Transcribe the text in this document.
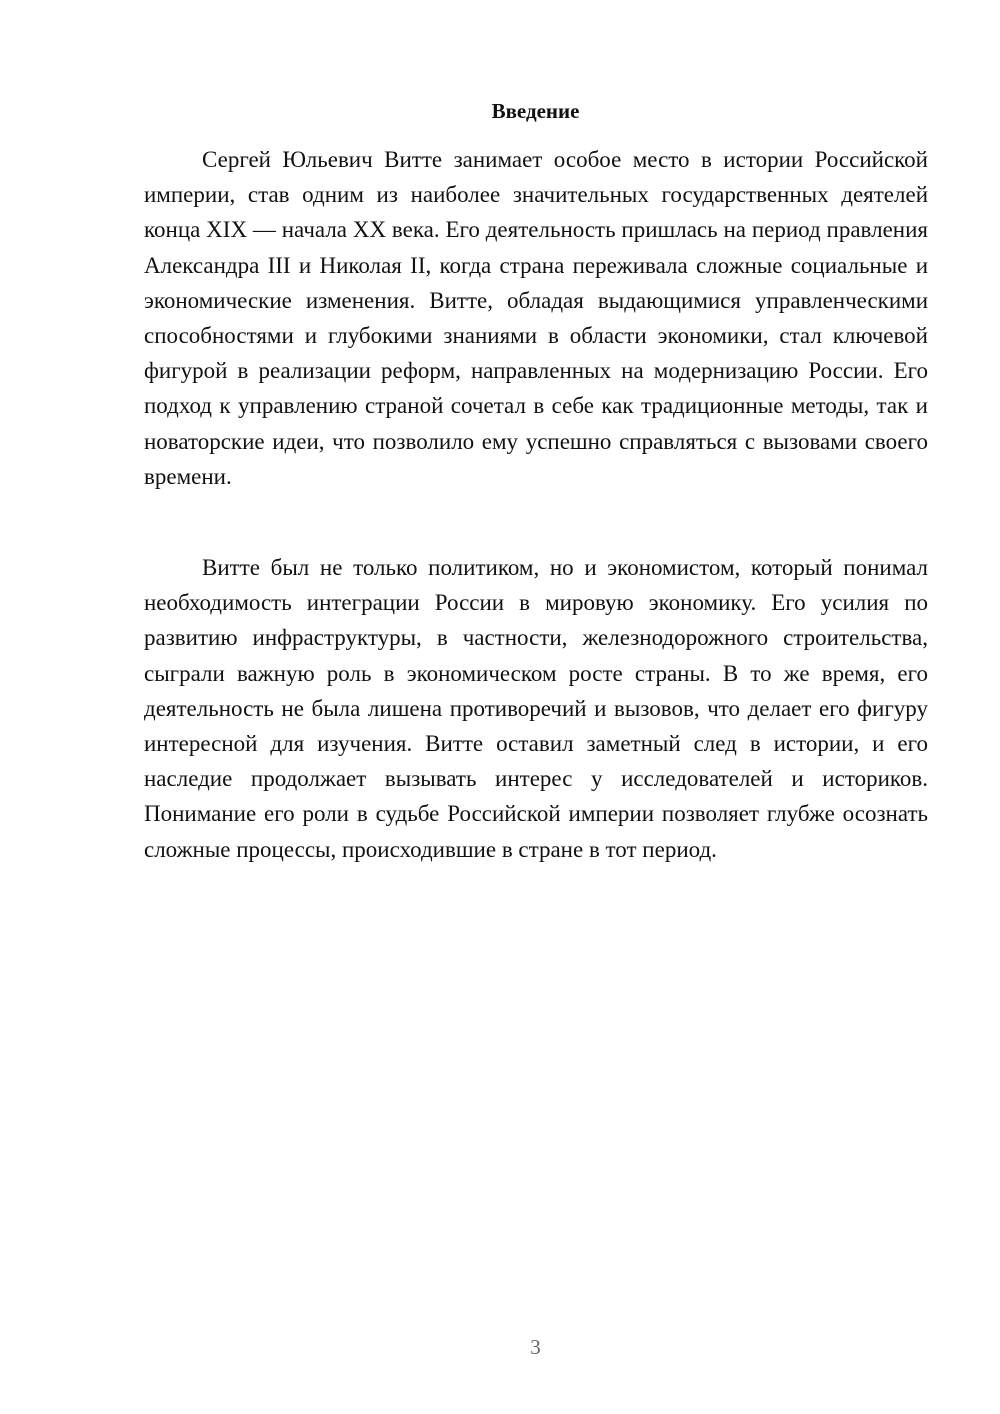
Введение

Сергей Юльевич Витте занимает особое место в истории Российской империи, став одним из наиболее значительных государственных деятелей конца XIX — начала XX века. Его деятельность пришлась на период правления Александра III и Николая II, когда страна переживала сложные социальные и экономические изменения. Витте, обладая выдающимися управленческими способностями и глубокими знаниями в области экономики, стал ключевой фигурой в реализации реформ, направленных на модернизацию России. Его подход к управлению страной сочетал в себе как традиционные методы, так и новаторские идеи, что позволило ему успешно справляться с вызовами своего времени.

Витте был не только политиком, но и экономистом, который понимал необходимость интеграции России в мировую экономику. Его усилия по развитию инфраструктуры, в частности, железнодорожного строительства, сыграли важную роль в экономическом росте страны. В то же время, его деятельность не была лишена противоречий и вызовов, что делает его фигуру интересной для изучения. Витте оставил заметный след в истории, и его наследие продолжает вызывать интерес у исследователей и историков. Понимание его роли в судьбе Российской империи позволяет глубже осознать сложные процессы, происходившие в стране в тот период.

3
